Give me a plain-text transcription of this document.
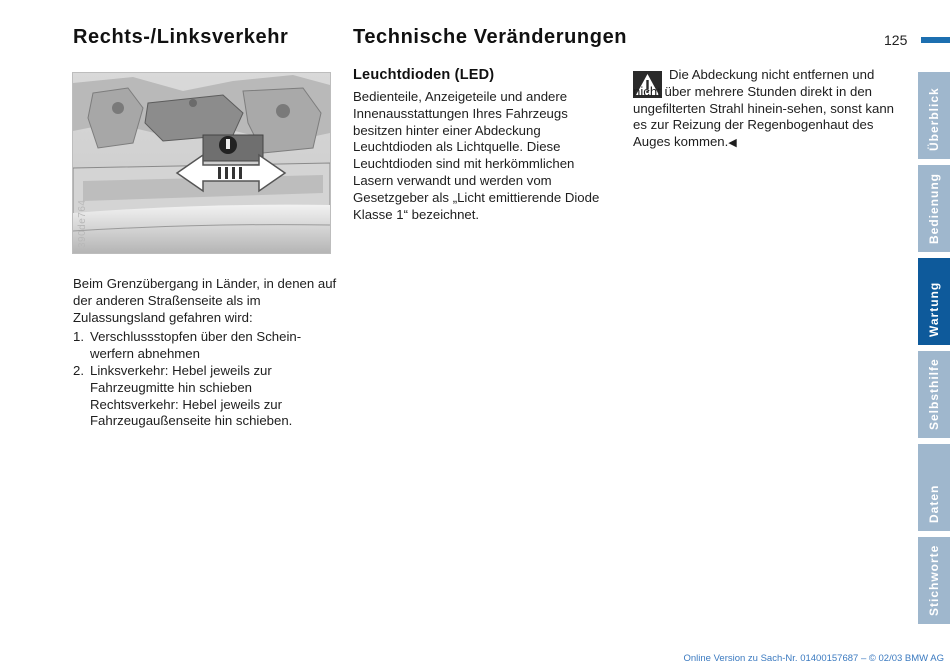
Rechts-/Linksverkehr	Technische Veränderungen	125
390de764

Beim Grenzübergang in Länder, in denen auf der anderen Straßenseite als im Zulassungsland gefahren wird:

1. Verschlussstopfen über den Schein-werfern abnehmen
2. Linksverkehr: Hebel jeweils zur Fahrzeugmitte hin schieben
Rechtsverkehr: Hebel jeweils zur Fahrzeugaußenseite hin schieben.
Leuchtdioden (LED)
Bedienteile, Anzeigeteile und andere Innenausstattungen Ihres Fahrzeugs besitzen hinter einer Abdeckung Leuchtdioden als Lichtquelle. Diese Leuchtdioden sind mit herkömmlichen Lasern verwandt und werden vom Gesetzgeber als „Licht emittierende Diode Klasse 1“ bezeichnet.
Die Abdeckung nicht entfernen und nicht über mehrere Stunden direkt in den ungefilterten Strahl hinein-sehen, sonst kann es zur Reizung der Regenbogenhaut des Auges kommen.◀	Überblick
Bedienung
Wartung
Selbsthilfe
Daten
Stichworte
Online Version zu Sach-Nr. 01400157687 – © 02/03 BMW AG
